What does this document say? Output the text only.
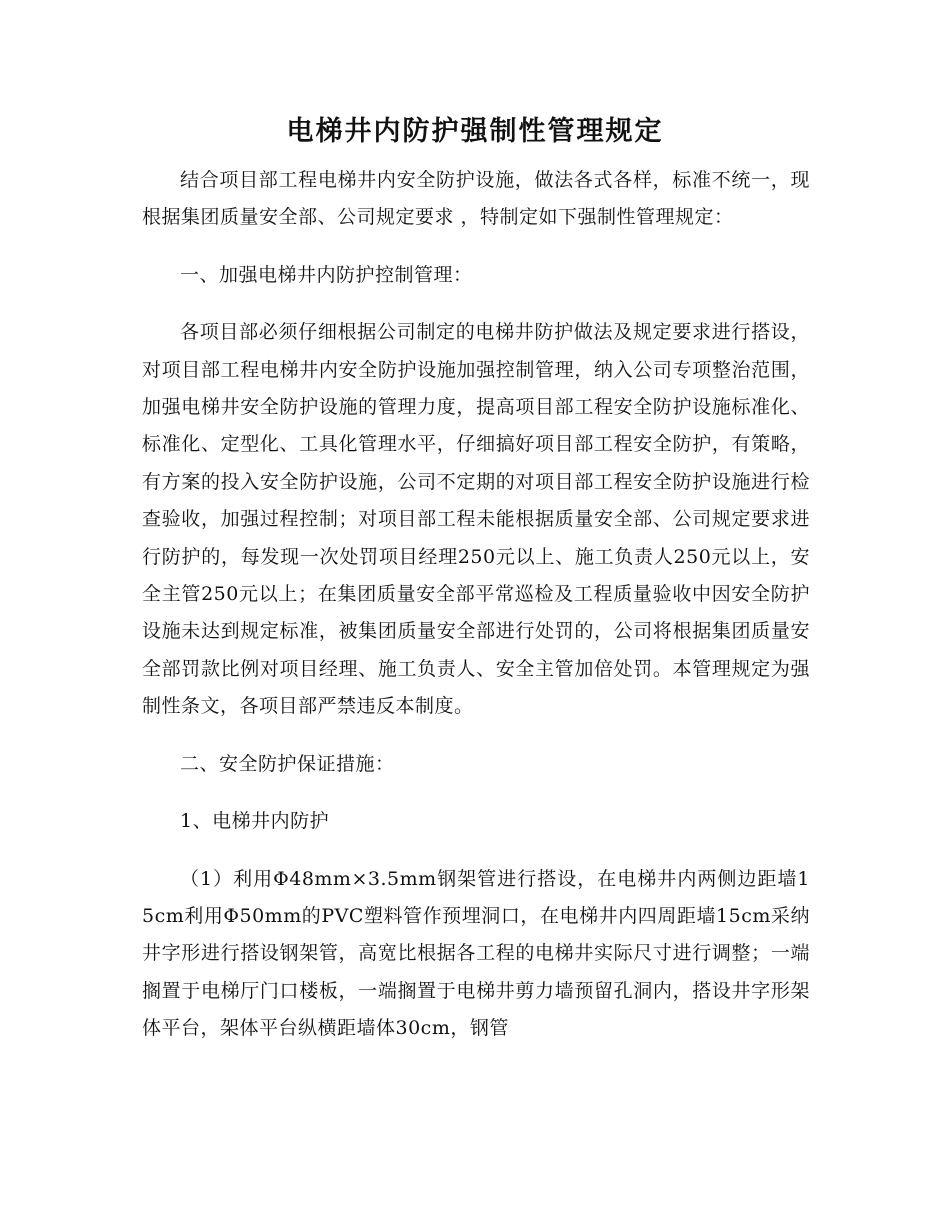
电梯井内防护强制性管理规定

结合项目部工程电梯井内安全防护设施，做法各式各样，标准不统一，现根据集团质量安全部、公司规定要求 ，特制定如下强制性管理规定：

一、加强电梯井内防护控制管理：

各项目部必须仔细根据公司制定的电梯井防护做法及规定要求进行搭设，对项目部工程电梯井内安全防护设施加强控制管理，纳入公司专项整治范围，加强电梯井安全防护设施的管理力度，提高项目部工程安全防护设施标准化、标准化、定型化、工具化管理水平，仔细搞好项目部工程安全防护，有策略，有方案的投入安全防护设施，公司不定期的对项目部工程安全防护设施进行检查验收，加强过程控制；对项目部工程未能根据质量安全部、公司规定要求进行防护的，每发现一次处罚项目经理250元以上、施工负责人250元以上，安全主管250元以上；在集团质量安全部平常巡检及工程质量验收中因安全防护设施未达到规定标准，被集团质量安全部进行处罚的，公司将根据集团质量安全部罚款比例对项目经理、施工负责人、安全主管加倍处罚。本管理规定为强制性条文，各项目部严禁违反本制度。

二、安全防护保证措施：

1、电梯井内防护

（1）利用Φ48mm×3.5mm钢架管进行搭设，在电梯井内两侧边距墙15cm利用Φ50mm的PVC塑料管作预埋洞口，在电梯井内四周距墙15cm采纳井字形进行搭设钢架管，高宽比根据各工程的电梯井实际尺寸进行调整；一端搁置于电梯厅门口楼板，一端搁置于电梯井剪力墙预留孔洞内，搭设井字形架体平台，架体平台纵横距墙体30cm，钢管
